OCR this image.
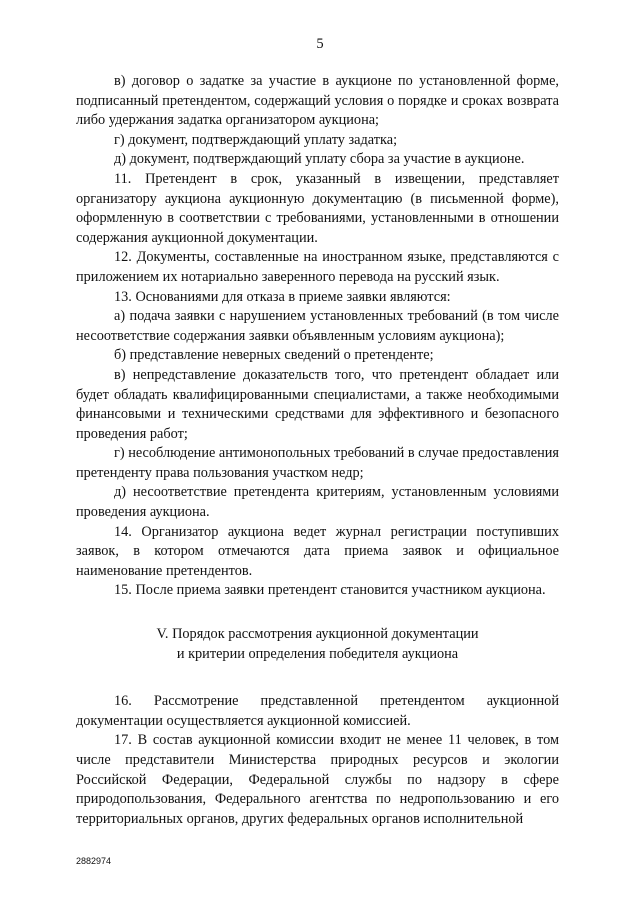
5

в) договор о задатке за участие в аукционе по установленной форме, подписанный претендентом, содержащий условия о порядке и сроках возврата либо удержания задатка организатором аукциона;

г) документ, подтверждающий уплату задатка;

д) документ, подтверждающий уплату сбора за участие в аукционе.

11. Претендент в срок, указанный в извещении, представляет организатору аукциона аукционную документацию (в письменной форме), оформленную в соответствии с требованиями, установленными в отношении содержания аукционной документации.

12. Документы, составленные на иностранном языке, представляются с приложением их нотариально заверенного перевода на русский язык.

13. Основаниями для отказа в приеме заявки являются:

а) подача заявки с нарушением установленных требований (в том числе несоответствие содержания заявки объявленным условиям аукциона);

б) представление неверных сведений о претенденте;

в) непредставление доказательств того, что претендент обладает или будет обладать квалифицированными специалистами, а также необходимыми финансовыми и техническими средствами для эффективного и безопасного проведения работ;

г) несоблюдение антимонопольных требований в случае предоставления претенденту права пользования участком недр;

д) несоответствие претендента критериям, установленным условиями проведения аукциона.

14. Организатор аукциона ведет журнал регистрации поступивших заявок, в котором отмечаются дата приема заявок и официальное наименование претендентов.

15. После приема заявки претендент становится участником аукциона.

V. Порядок рассмотрения аукционной документации
и критерии определения победителя аукциона

16. Рассмотрение представленной претендентом аукционной документации осуществляется аукционной комиссией.

17. В состав аукционной комиссии входит не менее 11 человек, в том числе представители Министерства природных ресурсов и экологии Российской Федерации, Федеральной службы по надзору в сфере природопользования, Федерального агентства по недропользованию и его территориальных органов, других федеральных органов исполнительной

2882974
